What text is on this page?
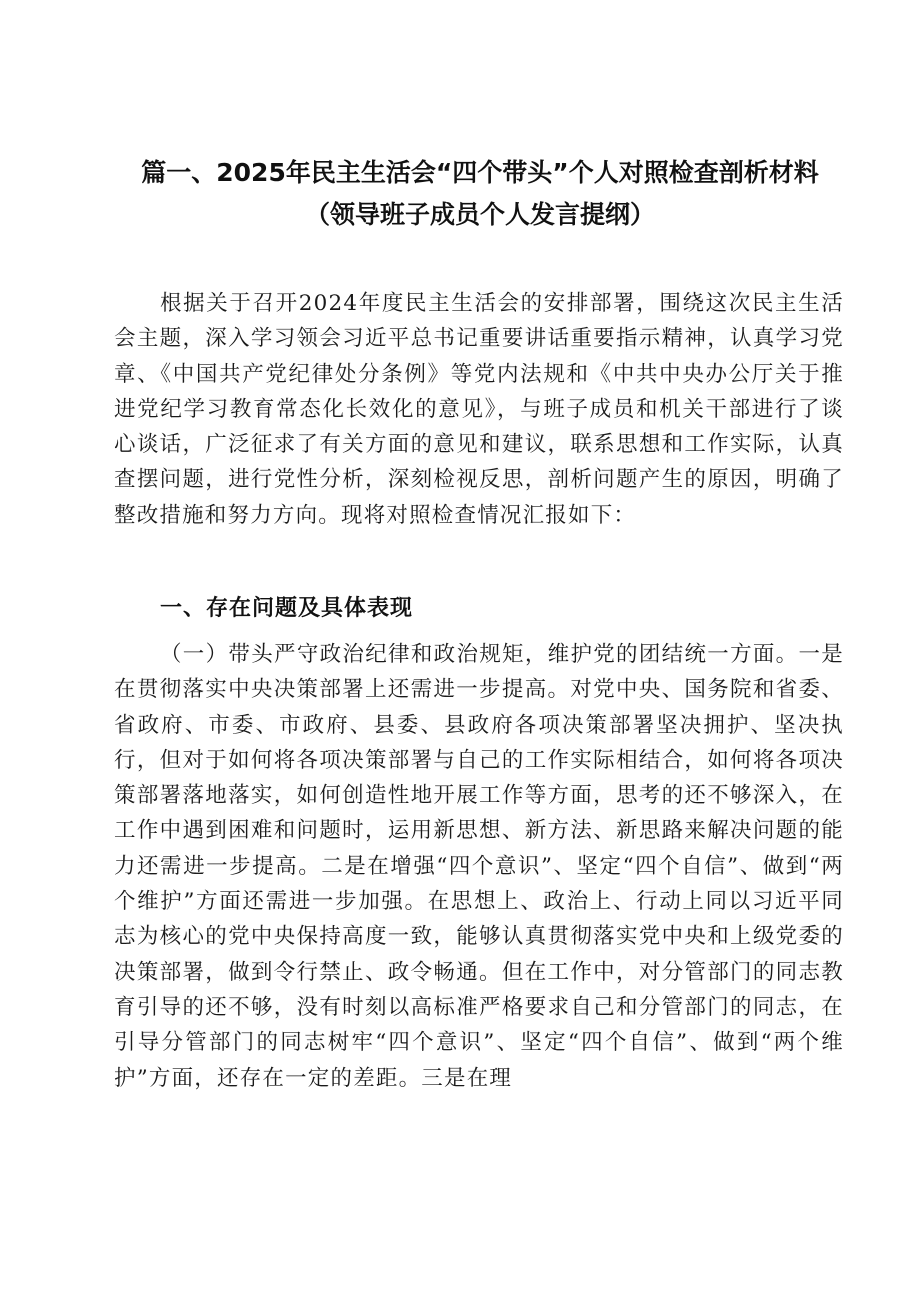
篇一、2025年民主生活会“四个带头”个人对照检查剖析材料（领导班子成员个人发言提纲）
根据关于召开2024年度民主生活会的安排部署，围绕这次民主生活会主题，深入学习领会习近平总书记重要讲话重要指示精神，认真学习党章、《中国共产党纪律处分条例》等党内法规和《中共中央办公厅关于推进党纪学习教育常态化长效化的意见》，与班子成员和机关干部进行了谈心谈话，广泛征求了有关方面的意见和建议，联系思想和工作实际，认真查摆问题，进行党性分析，深刻检视反思，剖析问题产生的原因，明确了整改措施和努力方向。现将对照检查情况汇报如下：
一、存在问题及具体表现
（一）带头严守政治纪律和政治规矩，维护党的团结统一方面。一是在贯彻落实中央决策部署上还需进一步提高。对党中央、国务院和省委、省政府、市委、市政府、县委、县政府各项决策部署坚决拥护、坚决执行，但对于如何将各项决策部署与自己的工作实际相结合，如何将各项决策部署落地落实，如何创造性地开展工作等方面，思考的还不够深入，在工作中遇到困难和问题时，运用新思想、新方法、新思路来解决问题的能力还需进一步提高。二是在增强“四个意识”、坚定“四个自信”、做到“两个维护”方面还需进一步加强。在思想上、政治上、行动上同以习近平同志为核心的党中央保持高度一致，能够认真贯彻落实党中央和上级党委的决策部署，做到令行禁止、政令畅通。但在工作中，对分管部门的同志教育引导的还不够，没有时刻以高标准严格要求自己和分管部门的同志，在引导分管部门的同志树牢“四个意识”、坚定“四个自信”、做到“两个维护”方面，还存在一定的差距。三是在理
